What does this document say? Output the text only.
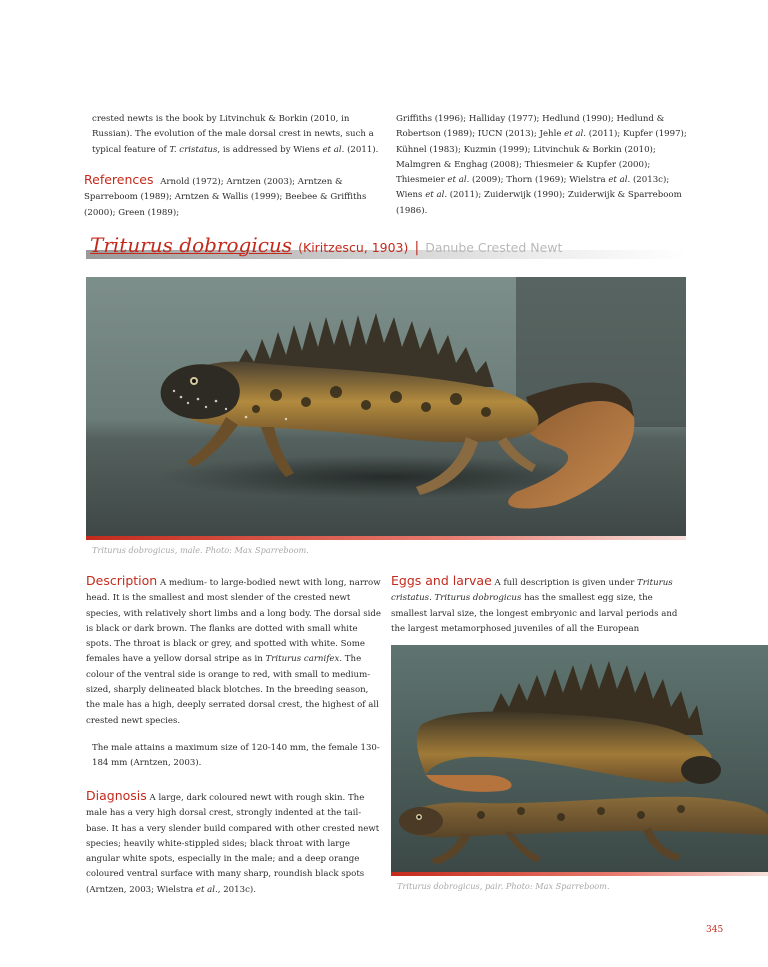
crested newts is the book by Litvinchuk & Borkin (2010, in Russian). The evolution of the male dorsal crest in newts, such a typical feature of T. cristatus, is addressed by Wiens et al. (2011).
References Arnold (1972); Arntzen (2003); Arntzen & Sparreboom (1989); Arntzen & Wallis (1999); Beebee & Griffiths (2000); Green (1989);
Griffiths (1996); Halliday (1977); Hedlund (1990); Hedlund & Robertson (1989); IUCN (2013); Jehle et al. (2011); Kupfer (1997); Kühnel (1983); Kuzmin (1999); Litvinchuk & Borkin (2010); Malmgren & Enghag (2008); Thiesmeier & Kupfer (2000); Thiesmeier et al. (2009); Thorn (1969); Wielstra et al. (2013c); Wiens et al. (2011); Zuiderwijk (1990); Zuiderwijk & Sparreboom (1986).
Triturus dobrogicus (Kiritzescu, 1903) | Danube Crested Newt
Triturus dobrogicus, male. Photo: Max Sparreboom.
Description A medium- to large-bodied newt with long, narrow head. It is the smallest and most slender of the crested newt species, with relatively short limbs and a long body. The dorsal side is black or dark brown. The flanks are dotted with small white spots. The throat is black or grey, and spotted with white. Some females have a yellow dorsal stripe as in Triturus carnifex. The colour of the ventral side is orange to red, with small to medium-sized, sharply delineated black blotches. In the breeding season, the male has a high, deeply serrated dorsal crest, the highest of all crested newt species.
The male attains a maximum size of 120-140 mm, the female 130-184 mm (Arntzen, 2003).
Diagnosis A large, dark coloured newt with rough skin. The male has a very high dorsal crest, strongly indented at the tail-base. It has a very slender build compared with other crested newt species; heavily white-stippled sides; black throat with large angular white spots, especially in the male; and a deep orange coloured ventral surface with many sharp, roundish black spots (Arntzen, 2003; Wielstra et al., 2013c).
Eggs and larvae A full description is given under Triturus cristatus. Triturus dobrogicus has the smallest egg size, the smallest larval size, the longest embryonic and larval periods and the largest metamorphosed juveniles of all the European
Triturus dobrogicus, pair. Photo: Max Sparreboom.
345
